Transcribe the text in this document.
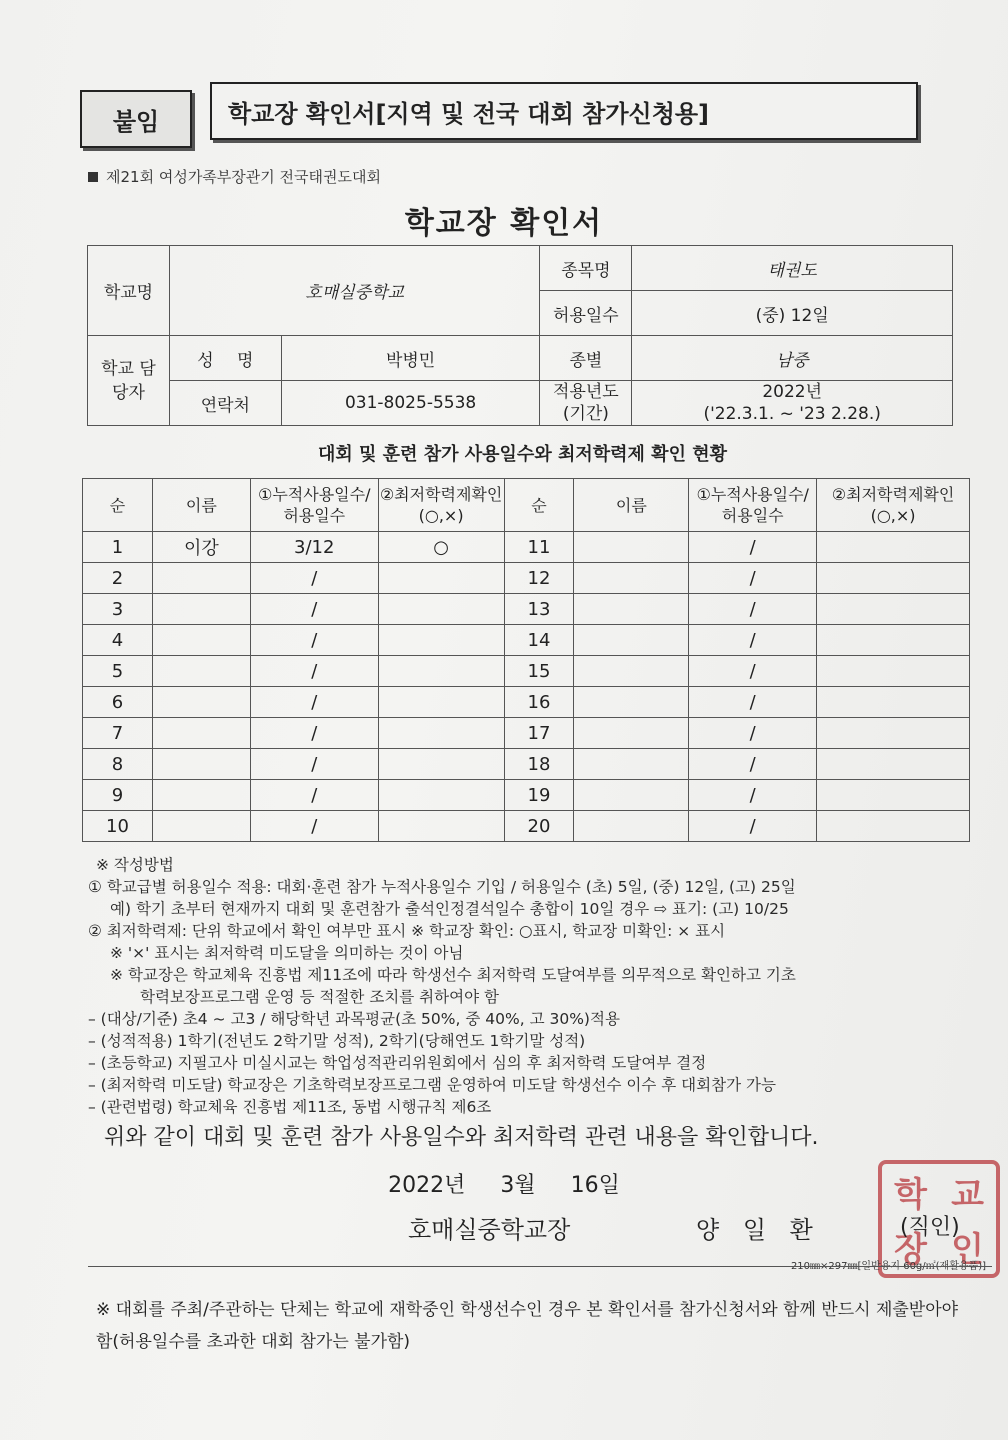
붙임	학교장 확인서[지역 및 전국 대회 참가신청용]
제21회 여성가족부장관기 전국태권도대회
학교장 확인서
학교명	호매실중학교		종목명	태권도
			허용일수	(중) 12일
학교 담당자	성 명	박병민	종별	남중
	연락처	031-8025-5538	적용년도 (기간)	2022년
('22.3.1. ~ '23 2.28.)
대회 및 훈련 참가 사용일수와 최저학력제 확인 현황
순	이름	①누적사용일수/허용일수	②최저학력제확인(○,×)	순	이름	①누적사용일수/허용일수	②최저학력제확인(○,×)
1	이강	3/12	○	11		/	
2		/		12		/	
3		/		13		/	
4		/		14		/	
5		/		15		/	
6		/		16		/	
7		/		17		/	
8		/		18		/	
9		/		19		/	
10		/		20		/	
※ 작성방법
① 학교급별 허용일수 적용: 대회·훈련 참가 누적사용일수 기입 / 허용일수 (초) 5일, (중) 12일, (고) 25일
예) 학기 초부터 현재까지 대회 및 훈련참가 출석인정결석일수 총합이 10일 경우 ⇨ 표기: (고) 10/25
② 최저학력제: 단위 학교에서 확인 여부만 표시 ※ 학교장 확인: ○표시, 학교장 미확인: × 표시
※ '×' 표시는 최저학력 미도달을 의미하는 것이 아님
※ 학교장은 학교체육 진흥법 제11조에 따라 학생선수 최저학력 도달여부를 의무적으로 확인하고 기초
학력보장프로그램 운영 등 적절한 조치를 취하여야 함
– (대상/기준) 초4 ~ 고3 / 해당학년 과목평균(초 50%, 중 40%, 고 30%)적용
– (성적적용) 1학기(전년도 2학기말 성적), 2학기(당해연도 1학기말 성적)
– (초등학교) 지필고사 미실시교는 학업성적관리위원회에서 심의 후 최저학력 도달여부 결정
– (최저학력 미도달) 학교장은 기초학력보장프로그램 운영하여 미도달 학생선수 이수 후 대회참가 가능
– (관련법령) 학교체육 진흥법 제11조, 동법 시행규칙 제6조
위와 같이 대회 및 훈련 참가 사용일수와 최저학력 관련 내용을 확인합니다.
2022년 3월 16일	학 교
장 인
호매실중학교장	양 일 환	(직인)
210㎜×297㎜[일반용지 60g/㎡(재활용품)]
※ 대회를 주최/주관하는 단체는 학교에 재학중인 학생선수인 경우 본 확인서를 참가신청서와 함께 반드시 제출받아야 함(허용일수를 초과한 대회 참가는 불가함)
